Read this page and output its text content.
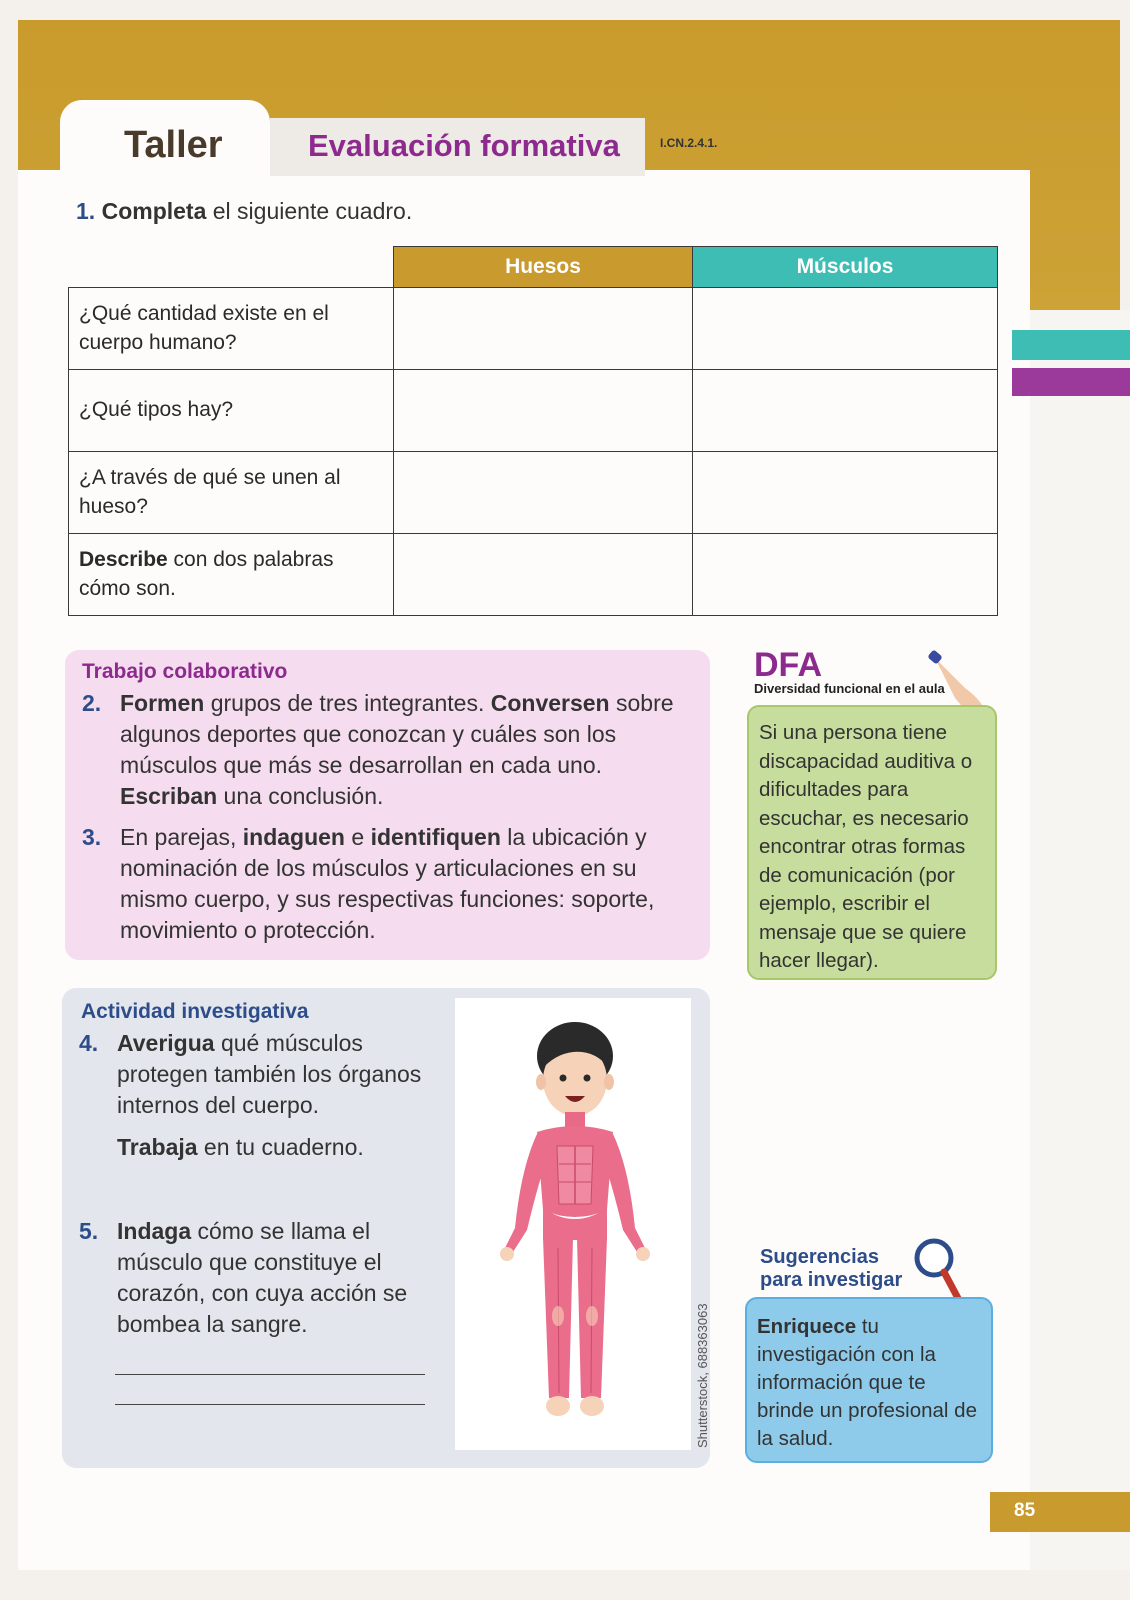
Taller	Evaluación formativa	I.CN.2.4.1.
1. Completa el siguiente cuadro.
	Huesos	Músculos
¿Qué cantidad existe en el cuerpo humano?		
¿Qué tipos hay?		
¿A través de qué se unen al hueso?		
Describe con dos palabras cómo son.		
Trabajo colaborativo
2. Formen grupos de tres integrantes. Conversen sobre algunos deportes que conozcan y cuáles son los músculos que más se desarrollan en cada uno. Escriban una conclusión.
3. En parejas, indaguen e identifiquen la ubicación y nominación de los músculos y articulaciones en su mismo cuerpo, y sus respectivas funciones: soporte, movimiento o protección.
Actividad investigativa
4. Averigua qué músculos protegen también los órganos internos del cuerpo.
Trabaja en tu cuaderno.
5. Indaga cómo se llama el músculo que constituye el corazón, con cuya acción se bombea la sangre.	Shutterstock, 688363063
DFA
Diversidad funcional en el aula

Si una persona tiene discapacidad auditiva o dificultades para escuchar, es necesario encontrar otras formas de comunicación (por ejemplo, escribir el mensaje que se quiere hacer llegar).

Sugerencias
para investigar

Enriquece tu investigación con la información que te brinde un profesional de la salud.

85
